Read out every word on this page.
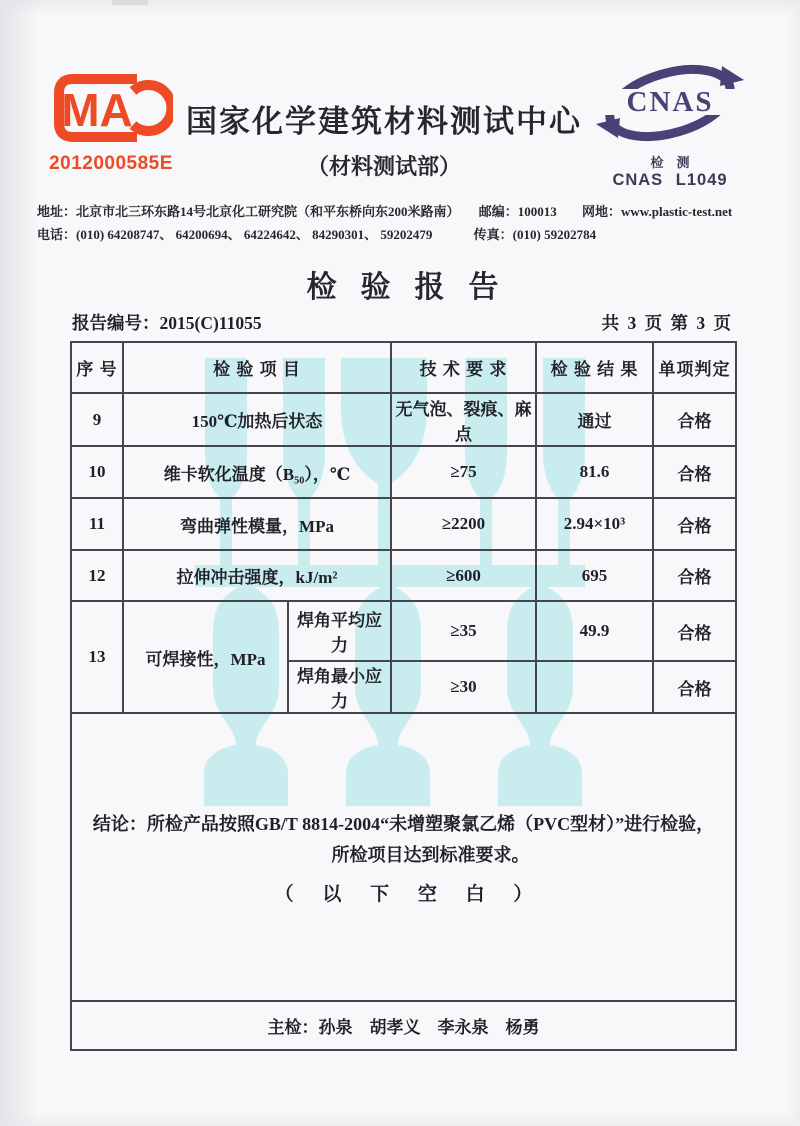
MA
2012000585E
国家化学建筑材料测试中心
（材料测试部）
CNAS
检　测
CNAS L1049
地址：北京市北三环东路14号北京化工研究院（和平东桥向东200米路南） 邮编：100013 网地：www.plastic-test.net
电话：(010) 64208747、 64200694、 64224642、 84290301、 59202479	传真：(010) 59202784
检验报告
报告编号：2015(C)11055	共 3 页 第 3 页
序 号	检 验 项 目		技 术 要 求	检 验 结 果	单项判定
9	150℃加热后状态		无气泡、裂痕、麻点	通过	合格
10	维卡软化温度（B₅₀），℃		≥75	81.6	合格
11	弯曲弹性模量，MPa		≥2200	2.94×10³	合格
12	拉伸冲击强度，kJ/m²		≥600	695	合格
13	可焊接性，MPa	焊角平均应力	≥35	49.9	合格
		焊角最小应力	≥30		合格

结论：所检产品按照GB/T 8814-2004“未增塑聚氯乙烯（PVC型材）”进行检验，
所检项目达到标准要求。
（ 以 下 空 白 ）					

主检：孙泉　胡孝义　李永泉　杨勇					
